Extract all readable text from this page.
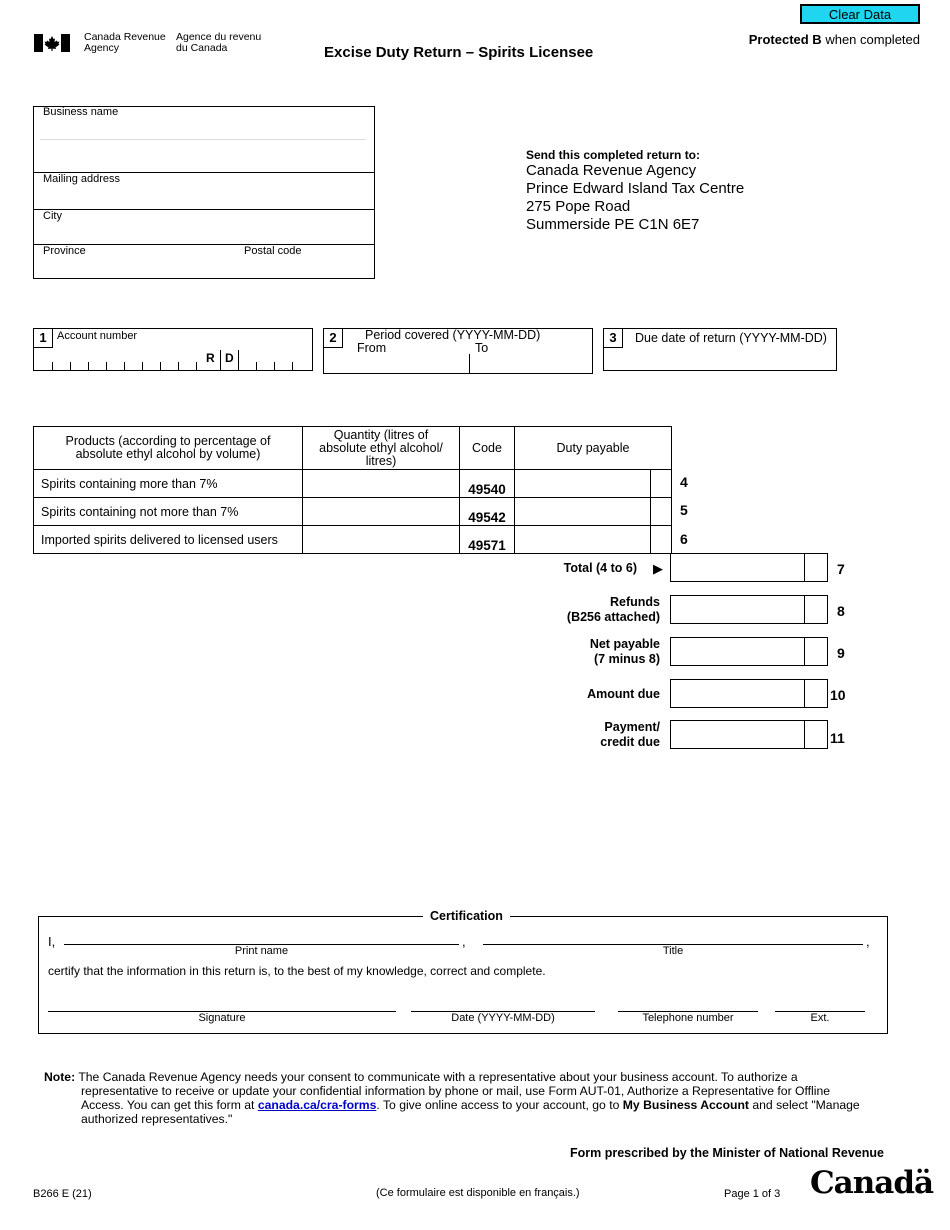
Clear Data
Canada Revenue
Agency
Agence du revenu
du Canada	Excise Duty Return – Spirits Licensee
Protected B when completed
Business name
Mailing address
City
Province	Postal code
Send this completed return to:
Canada Revenue Agency
Prince Edward Island Tax Centre
275 Pope Road
Summerside PE C1N 6E7
1 Account number
R D
2	Period covered (YYYY-MM-DD)
From	To
3	Due date of return (YYYY-MM-DD)
Products (according to percentage of absolute ethyl alcohol by volume)	Quantity (litres of absolute ethyl alcohol/ litres)	Code	Duty payable	
Spirits containing more than 7%		49540		
Spirits containing not more than 7%		49542		
Imported spirits delivered to licensed users		49571		
4
5
6
Total (4 to 6) ▶	7
Refunds
(B256 attached)	8
Net payable
(7 minus 8)	9
Amount due	10
Payment/
credit due	11
Certification
I,	,	,
Print name	Title
certify that the information in this return is, to the best of my knowledge, correct and complete.
Signature	Date (YYYY-MM-DD)	Telephone number	Ext.
Note: The Canada Revenue Agency needs your consent to communicate with a representative about your business account. To authorize a
representative to receive or update your confidential information by phone or mail, use Form AUT-01, Authorize a Representative for Offline
Access. You can get this form at canada.ca/cra-forms. To give online access to your account, go to My Business Account and select "Manage
authorized representatives."
Form prescribed by the Minister of National Revenue
B266 E (21)	(Ce formulaire est disponible en français.)	Page 1 of 3 Canadä
